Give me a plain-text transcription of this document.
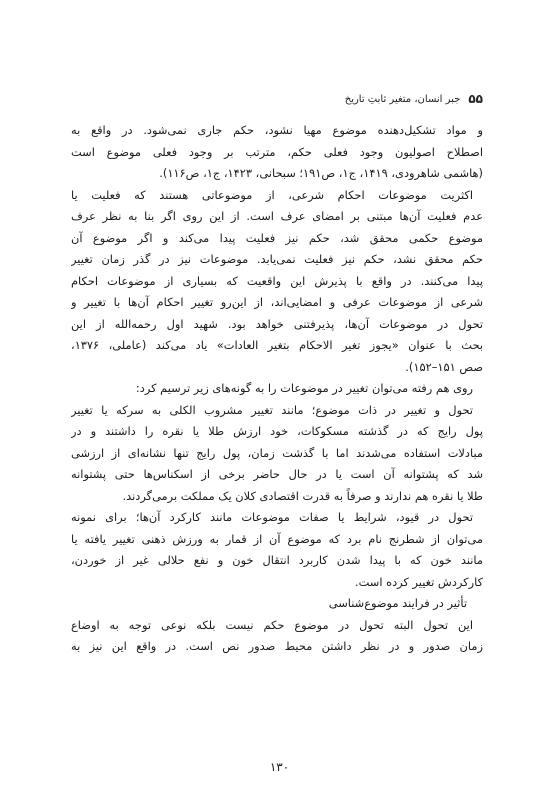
۵۵
جبر انسان، متغیر ثابتِ تاریخ
و مواد تشکیل‌دهنده موضوع مهیا نشود، حکم جاری نمی‌شود. در واقع به
اصطلاح اصولیون وجود فعلی حکم، مترتب بر وجود فعلی موضوع است
(هاشمی شاهرودی، ۱۴۱۹، ج۱، ص۱۹۱؛ سبحانی، ۱۴۲۳، ج۱، ص۱۱۶).
اکثریت موضوعات احکام شرعی، از موضوعاتی هستند که فعلیت یا
عدم فعلیت آن‌ها مبتنی بر امضای عرف است. از این روی اگر بنا به نظر عرف
موضوع حکمی محقق شد، حکم نیز فعلیت پیدا می‌کند و اگر موضوع آن
حکم محقق نشد، حکم نیز فعلیت نمی‌یابد. موضوعات نیز در گذر زمان تغییر
پیدا می‌کنند. در واقع با پذیرش این واقعیت که بسیاری از موضوعات احکام
شرعی از موضوعات عرفی و امضایی‌اند، از این‌رو تغییر احکام آن‌ها با تغییر و
تحول در موضوعات آن‌ها، پذیرفتنی خواهد بود. شهید اول رحمه‌الله از این
بحث با عنوان «یجوز تغیر الاحکام بتغیر العادات» یاد می‌کند (عاملی، ۱۳۷۶،
صص ۱۵۱–۱۵۲).
روی هم رفته می‌توان تغییر در موضوعات را به گونه‌های زیر ترسیم کرد:
تحول و تغییر در ذات موضوع؛ مانند تغییر مشروب الکلی به سرکه یا تغییر
پول رایج که در گذشته مسکوکات، خود ارزش طلا یا نقره را داشتند و در
مبادلات استفاده می‌شدند اما با گذشت زمان، پول رایج تنها نشانه‌ای از ارزشی
شد که پشتوانه آن است یا در حال حاضر برخی از اسکناس‌ها حتی پشتوانه
طلا یا نقره هم ندارند و صرفاً به قدرت اقتصادی کلان یک مملکت برمی‌گردند.
تحول در قیود، شرایط یا صفات موضوعات مانند کارکرد آن‌ها؛ برای نمونه
می‌توان از شطرنج نام برد که موضوع آن از قمار به ورزش ذهنی تغییر یافته یا
مانند خون که با پیدا شدن کاربرد انتقال خون و نفع حلالی غیر از خوردن،
کارکردش تغییر کرده است.
تأثیر در فرایند موضوع‌شناسی
این تحول البته تحول در موضوع حکم نیست بلکه نوعی توجه به اوضاع
زمان صدور و در نظر داشتن محیط صدور نص است. در واقع این نیز به
۱۳۰
